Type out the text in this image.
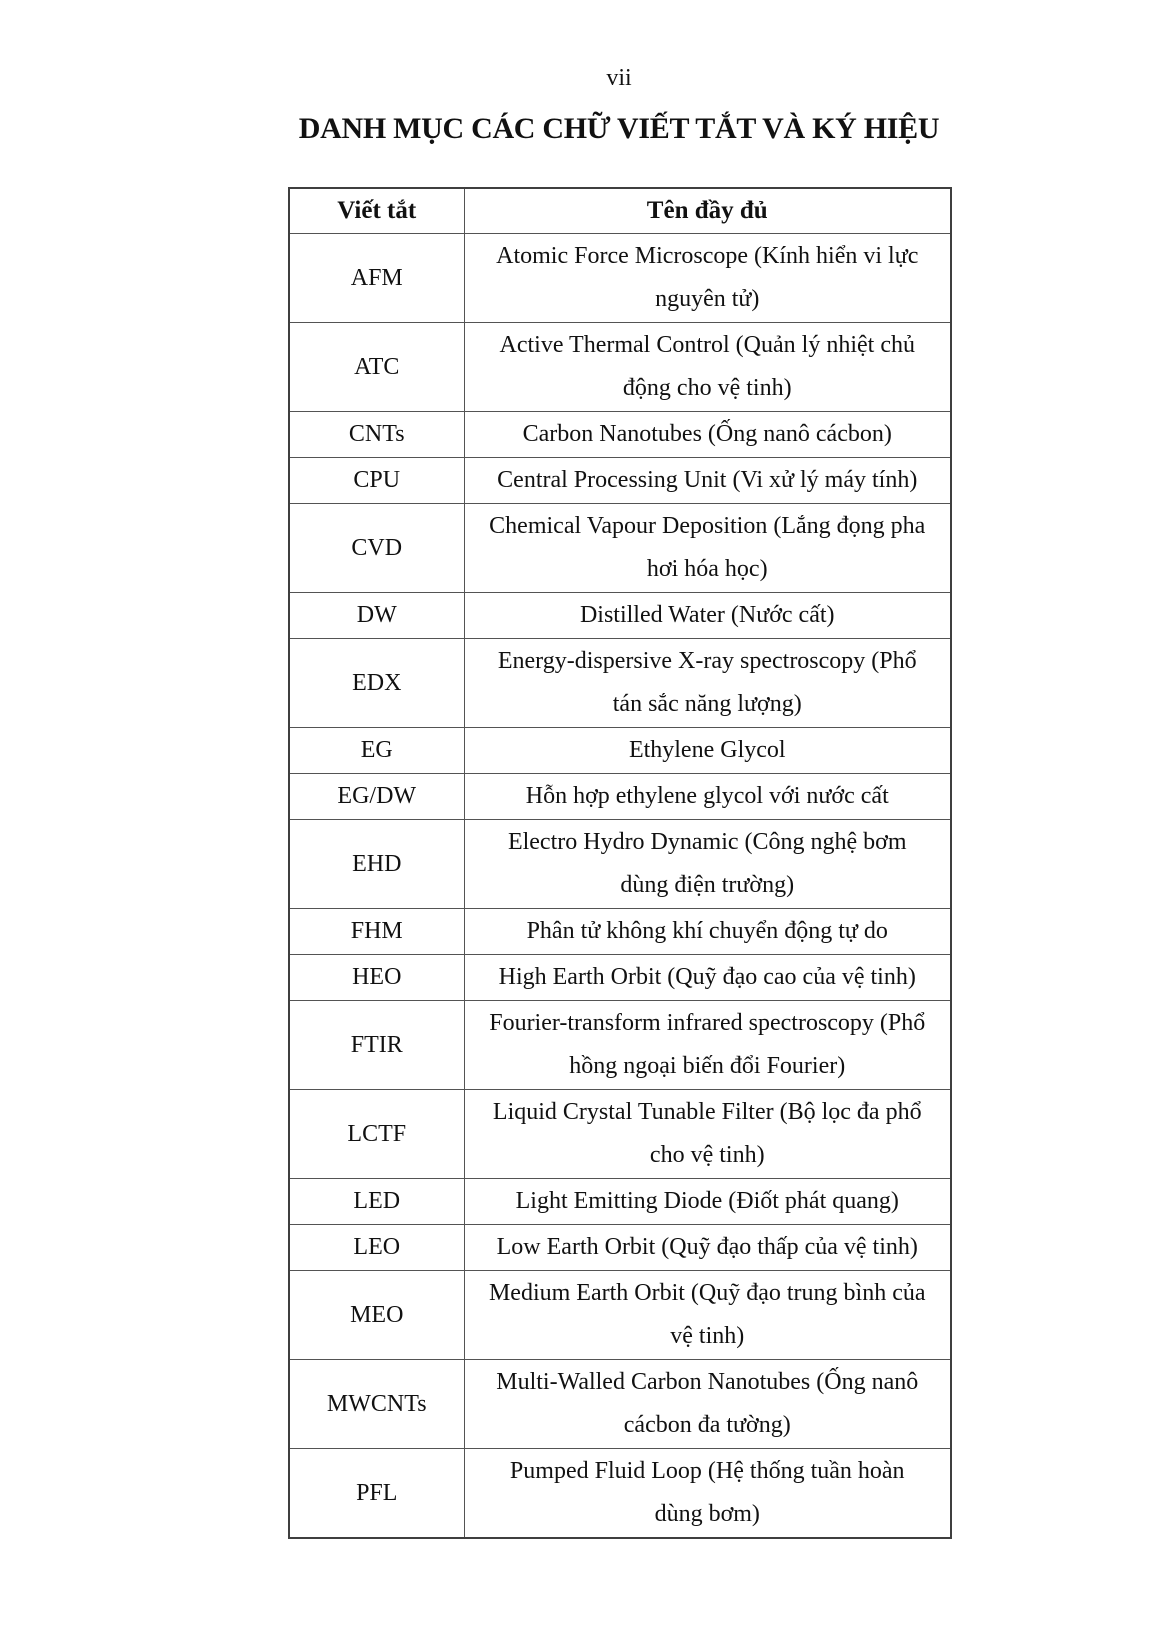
vii
DANH MỤC CÁC CHỮ VIẾT TẮT VÀ KÝ HIỆU
Viết tắt	Tên đầy đủ
AFM	Atomic Force Microscope (Kính hiển vi lực
nguyên tử)

ATC	Active Thermal Control (Quản lý nhiệt chủ
động cho vệ tinh)

CNTs	Carbon Nanotubes (Ống nanô cácbon)

CPU	Central Processing Unit (Vi xử lý máy tính)

CVD	Chemical Vapour Deposition (Lắng đọng pha
hơi hóa học)

DW	Distilled Water (Nước cất)

EDX	Energy-dispersive X-ray spectroscopy (Phổ
tán sắc năng lượng)

EG	Ethylene Glycol

EG/DW	Hỗn hợp ethylene glycol với nước cất

EHD	Electro Hydro Dynamic (Công nghệ bơm
dùng điện trường)

FHM	Phân tử không khí chuyển động tự do

HEO	High Earth Orbit (Quỹ đạo cao của vệ tinh)

FTIR	Fourier-transform infrared spectroscopy (Phổ
hồng ngoại biến đổi Fourier)

LCTF	Liquid Crystal Tunable Filter (Bộ lọc đa phổ
cho vệ tinh)

LED	Light Emitting Diode (Điốt phát quang)

LEO	Low Earth Orbit (Quỹ đạo thấp của vệ tinh)

MEO	Medium Earth Orbit (Quỹ đạo trung bình của
vệ tinh)

MWCNTs	Multi-Walled Carbon Nanotubes (Ống nanô
cácbon đa tường)

PFL	Pumped Fluid Loop (Hệ thống tuần hoàn
dùng bơm)
